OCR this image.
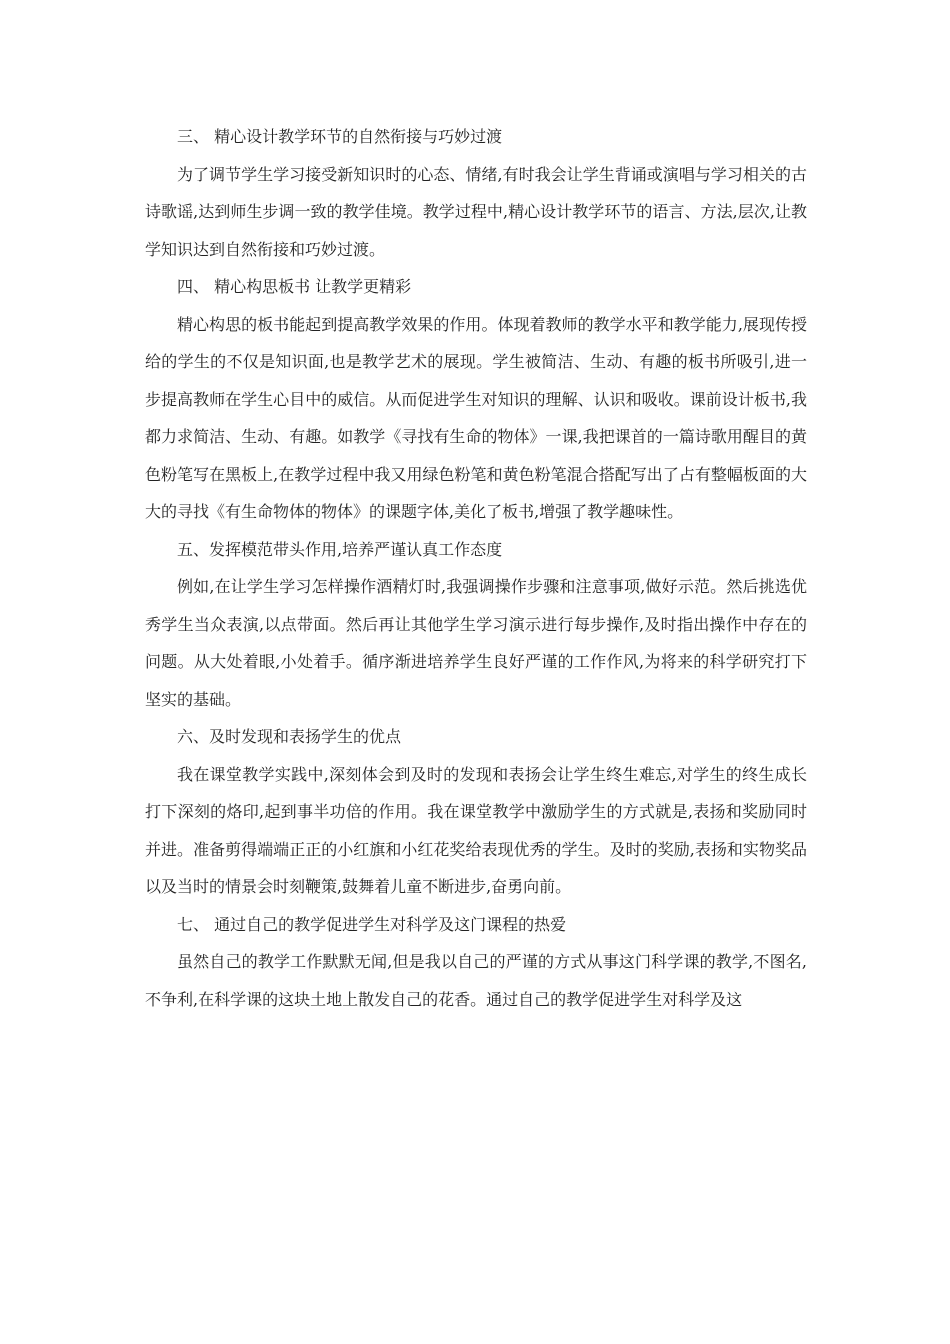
三、 精心设计教学环节的自然衔接与巧妙过渡

为了调节学生学习接受新知识时的心态、情绪,有时我会让学生背诵或演唱与学习相关的古诗歌谣,达到师生步调一致的教学佳境。教学过程中,精心设计教学环节的语言、方法,层次,让教学知识达到自然衔接和巧妙过渡。

四、 精心构思板书 让教学更精彩

精心构思的板书能起到提高教学效果的作用。体现着教师的教学水平和教学能力,展现传授给的学生的不仅是知识面,也是教学艺术的展现。学生被简洁、生动、有趣的板书所吸引,进一步提高教师在学生心目中的威信。从而促进学生对知识的理解、认识和吸收。课前设计板书,我都力求简洁、生动、有趣。如教学《寻找有生命的物体》一课,我把课首的一篇诗歌用醒目的黄色粉笔写在黑板上,在教学过程中我又用绿色粉笔和黄色粉笔混合搭配写出了占有整幅板面的大大的寻找《有生命物体的物体》的课题字体,美化了板书,增强了教学趣味性。

五、发挥模范带头作用,培养严谨认真工作态度

例如,在让学生学习怎样操作酒精灯时,我强调操作步骤和注意事项,做好示范。然后挑选优秀学生当众表演,以点带面。然后再让其他学生学习演示进行每步操作,及时指出操作中存在的问题。从大处着眼,小处着手。循序渐进培养学生良好严谨的工作作风,为将来的科学研究打下坚实的基础。

六、及时发现和表扬学生的优点

我在课堂教学实践中,深刻体会到及时的发现和表扬会让学生终生难忘,对学生的终生成长打下深刻的烙印,起到事半功倍的作用。我在课堂教学中激励学生的方式就是,表扬和奖励同时并进。准备剪得端端正正的小红旗和小红花奖给表现优秀的学生。及时的奖励,表扬和实物奖品以及当时的情景会时刻鞭策,鼓舞着儿童不断进步,奋勇向前。

七、 通过自己的教学促进学生对科学及这门课程的热爱

虽然自己的教学工作默默无闻,但是我以自己的严谨的方式从事这门科学课的教学,不图名,不争利,在科学课的这块土地上散发自己的花香。通过自己的教学促进学生对科学及这
